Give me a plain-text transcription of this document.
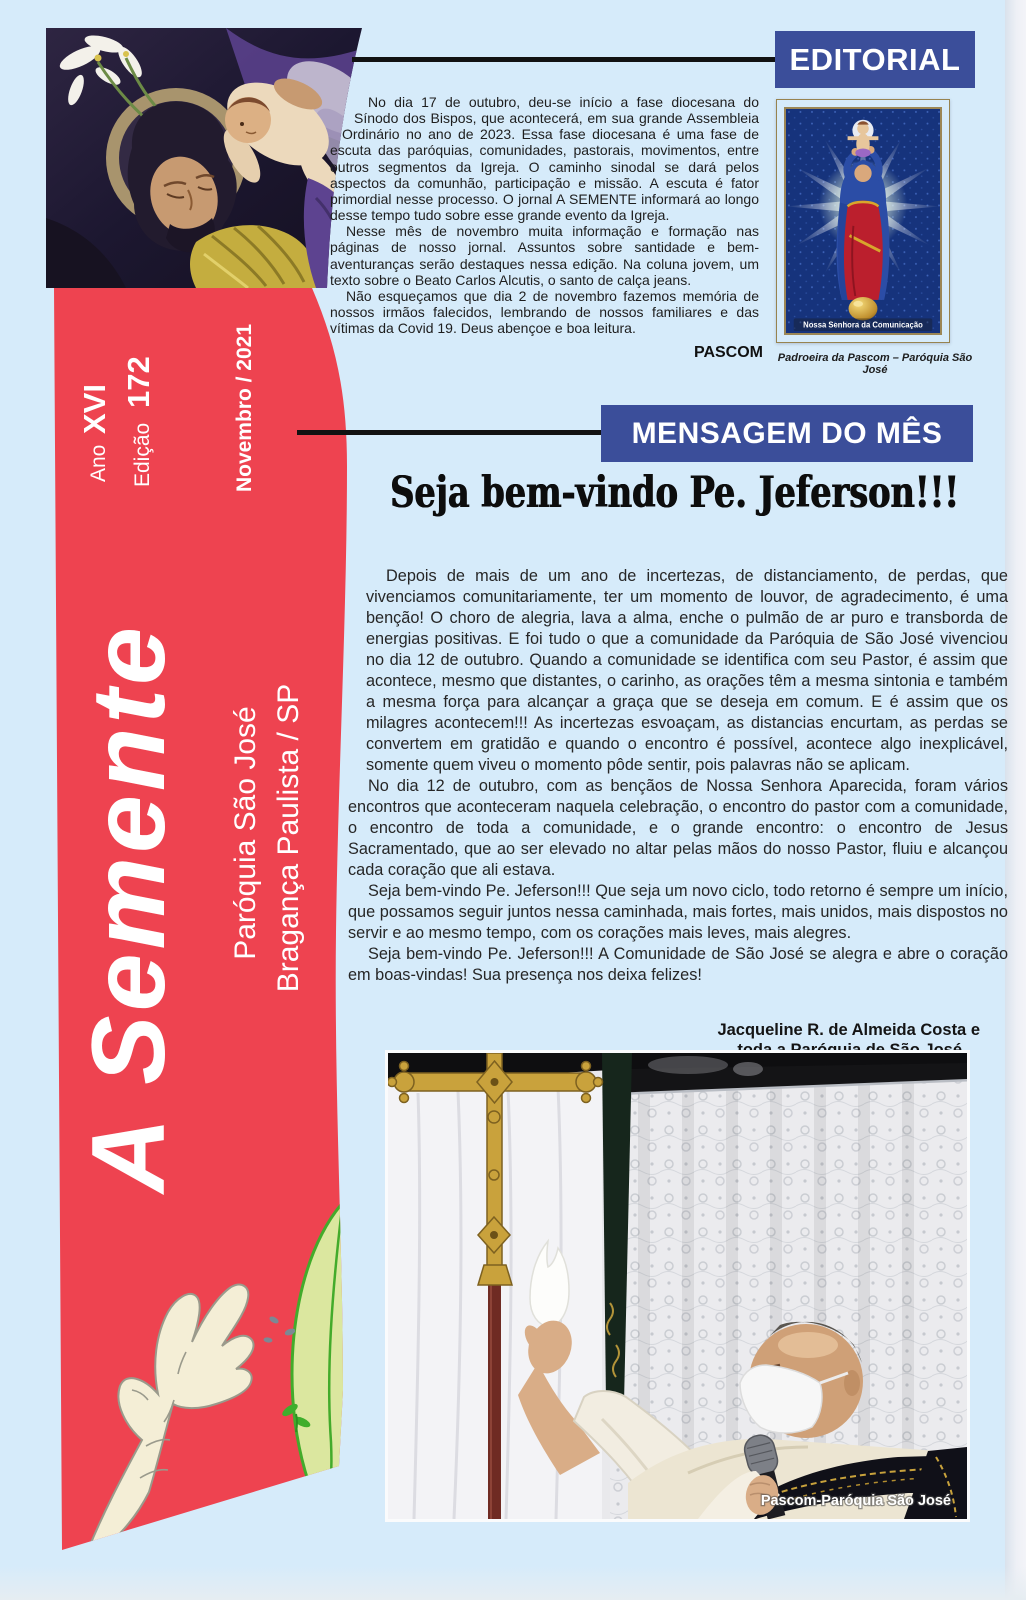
Ano
XVI
Edição
172	Novembro / 2021
A Semente Paróquia São José Bragança Paulista / SP
EDITORIAL

No dia 17 de outubro, deu-se início a fase diocesana do Sínodo dos Bispos, que acontecerá, em sua grande Assembleia Ordinário no ano de 2023. Essa fase diocesana é uma fase de escuta das paróquias, comunidades, pastorais, movimentos, entre outros segmentos da Igreja. O caminho sinodal se dará pelos aspectos da comunhão, participação e missão. A escuta é fator primordial nesse processo. O jornal A SEMENTE informará ao longo desse tempo tudo sobre esse grande evento da Igreja.

Nesse mês de novembro muita informação e formação nas páginas de nosso jornal. Assuntos sobre santidade e bem-aventuranças serão destaques nessa edição. Na coluna jovem, um texto sobre o Beato Carlos Alcutis, o santo de calça jeans.

Não esqueçamos que dia 2 de novembro fazemos memória de nossos irmãos falecidos, lembrando de nossos familiares e das vítimas da Covid 19. Deus abençoe e boa leitura.

PASCOM
Nossa Senhora da Comunicação
Padroeira da Pascom – Paróquia São José
MENSAGEM DO MÊS
Seja bem-vindo Pe. Jeferson!!!

Depois de mais de um ano de incertezas, de distanciamento, de perdas, que vivenciamos comunitariamente, ter um momento de louvor, de agradecimento, é uma benção! O choro de alegria, lava a alma, enche o pulmão de ar puro e transborda de energias positivas. E foi tudo o que a comunidade da Paróquia de São José vivenciou no dia 12 de outubro. Quando a comunidade se identifica com seu Pastor, é assim que acontece, mesmo que distantes, o carinho, as orações têm a mesma sintonia e também a mesma força para alcançar a graça que se deseja em comum. E é assim que os milagres acontecem!!! As incertezas esvoaçam, as distancias encurtam, as perdas se convertem em gratidão e quando o encontro é possível, acontece algo inexplicável, somente quem viveu o momento pôde sentir, pois palavras não se aplicam.

No dia 12 de outubro, com as bençãos de Nossa Senhora Aparecida, foram vários encontros que aconteceram naquela celebração, o encontro do pastor com a comunidade, o encontro de toda a comunidade, e o grande encontro: o encontro de Jesus Sacramentado, que ao ser elevado no altar pelas mãos do nosso Pastor, fluiu e alcançou cada coração que ali estava.

Seja bem-vindo Pe. Jeferson!!! Que seja um novo ciclo, todo retorno é sempre um início, que possamos seguir juntos nessa caminhada, mais fortes, mais unidos, mais dispostos no servir e ao mesmo tempo, com os corações mais leves, mais alegres.

Seja bem-vindo Pe. Jeferson!!! A Comunidade de São José se alegra e abre o coração em boas-vindas! Sua presença nos deixa felizes!

Jacqueline R. de Almeida Costa e
Pascom-Paróquia São José
